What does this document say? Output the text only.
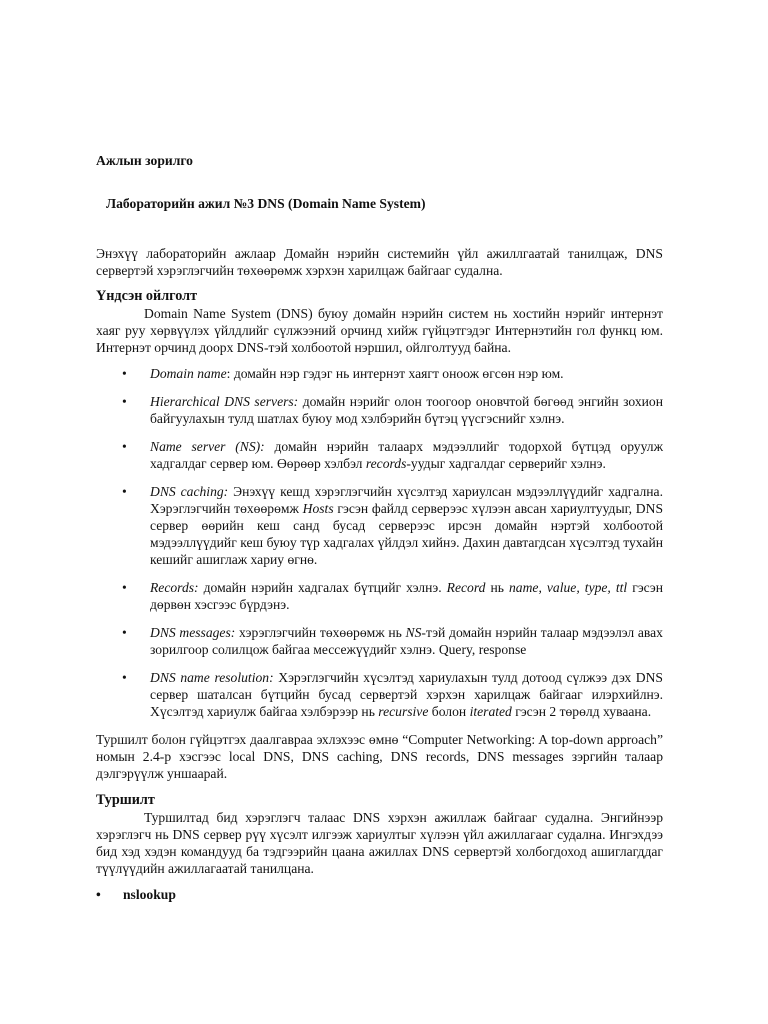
Ажлын зорилго

Лабораторийн ажил №3 DNS (Domain Name System)

Энэхүү лабораторийн ажлаар Домайн нэрийн системийн үйл ажиллгаатай танилцаж, DNS сервертэй хэрэглэгчийн төхөөрөмж хэрхэн харилцаж байгааг судална.

Үндсэн ойлголт

Domain Name System (DNS) буюу домайн нэрийн систем нь хостийн нэрийг интернэт хаяг руу хөрвүүлэх үйлдлийг сүлжээний орчинд хийж гүйцэтгэдэг Интернэтийн гол функц юм. Интернэт орчинд доорх DNS-тэй холбоотой нэршил, ойлголтууд байна.

• Domain name: домайн нэр гэдэг нь интернэт хаягт оноож өгсөн нэр юм.
• Hierarchical DNS servers: домайн нэрийг олон тоогоор оновчтой бөгөөд энгийн зохион байгуулахын тулд шатлах буюу мод хэлбэрийн бүтэц үүсгэснийг хэлнэ.
• Name server (NS): домайн нэрийн талаарх мэдээллийг тодорхой бүтцэд оруулж хадгалдаг сервер юм. Өөрөөр хэлбэл records-уудыг хадгалдаг серверийг хэлнэ.
• DNS caching: Энэхүү кешд хэрэглэгчийн хүсэлтэд хариулсан мэдээллүүдийг хадгална. Хэрэглэгчийн төхөөрөмж Hosts гэсэн файлд серверээс хүлээн авсан хариултуудыг, DNS сервер өөрийн кеш санд бусад серверээс ирсэн домайн нэртэй холбоотой мэдээллүүдийг кеш буюу түр хадгалах үйлдэл хийнэ. Дахин давтагдсан хүсэлтэд тухайн кешийг ашиглаж хариу өгнө.
• Records: домайн нэрийн хадгалах бүтцийг хэлнэ. Record нь name, value, type, ttl гэсэн дөрвөн хэсгээс бүрдэнэ.
• DNS messages: хэрэглэгчийн төхөөрөмж нь NS-тэй домайн нэрийн талаар мэдээлэл авах зорилгоор солилцож байгаа мессежүүдийг хэлнэ. Query, response
• DNS name resolution: Хэрэглэгчийн хүсэлтэд хариулахын тулд дотоод сүлжээ дэх DNS сервер шаталсан бүтцийн бусад сервертэй хэрхэн харилцаж байгааг илэрхийлнэ. Хүсэлтэд хариулж байгаа хэлбэрээр нь recursive болон iterated гэсэн 2 төрөлд хуваана.

Туршилт болон гүйцэтгэх даалгавраа эхлэхээс өмнө “Computer Networking: A top-down approach” номын 2.4-р хэсгээс local DNS, DNS caching, DNS records, DNS messages зэргийн талаар дэлгэрүүлж уншаарай.

Туршилт

Туршилтад бид хэрэглэгч талаас DNS хэрхэн ажиллаж байгааг судална. Энгийнээр хэрэглэгч нь DNS сервер рүү хүсэлт илгээж хариултыг хүлээн үйл ажиллагааг судална. Ингэхдээ бид хэд хэдэн командууд ба тэдгээрийн цаана ажиллах DNS сервертэй холбогдоход ашиглагддаг түүлүүдийн ажиллагаатай танилцана.

• nslookup
